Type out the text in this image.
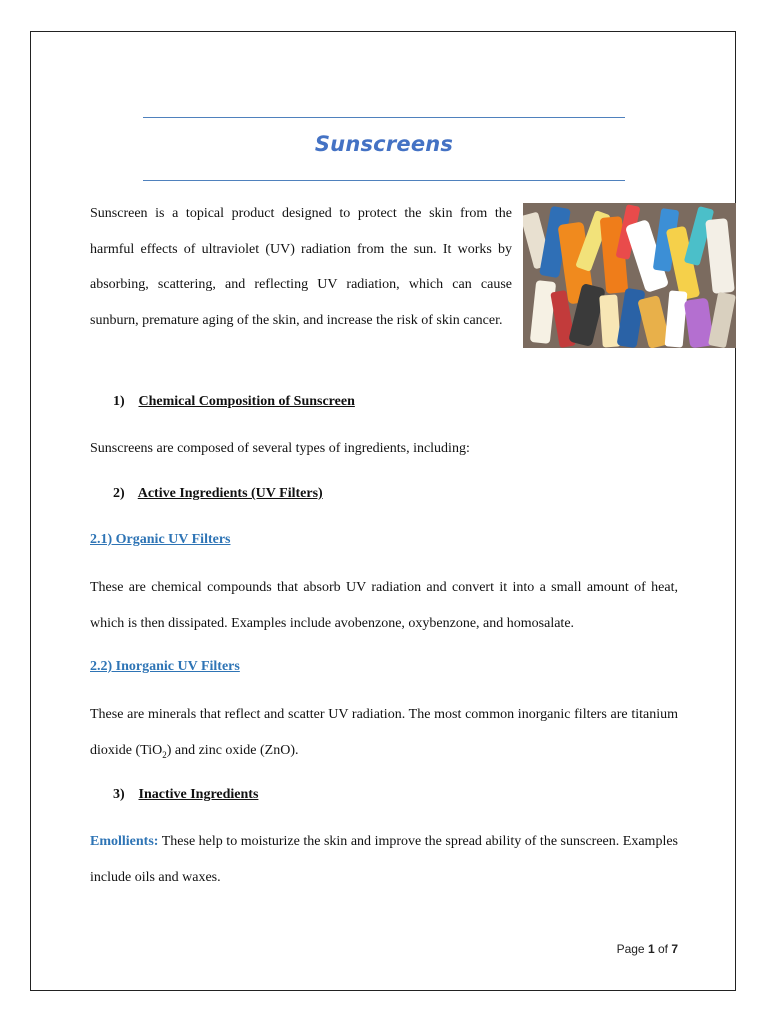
Sunscreens

Sunscreen is a topical product designed to protect the skin from the harmful effects of ultraviolet (UV) radiation from the sun. It works by absorbing, scattering, and reflecting UV radiation, which can cause sunburn, premature aging of the skin, and increase the risk of skin cancer.

1) Chemical Composition of Sunscreen

Sunscreens are composed of several types of ingredients, including:

2) Active Ingredients (UV Filters)
2.1) Organic UV Filters

These are chemical compounds that absorb UV radiation and convert it into a small amount of heat, which is then dissipated. Examples include avobenzone, oxybenzone, and homosalate.

2.2) Inorganic UV Filters

These are minerals that reflect and scatter UV radiation. The most common inorganic filters are titanium dioxide (TiO$_2$) and zinc oxide (ZnO).

3) Inactive Ingredients

Emollients: These help to moisturize the skin and improve the spread ability of the sunscreen. Examples include oils and waxes.

Page 1 of 7
